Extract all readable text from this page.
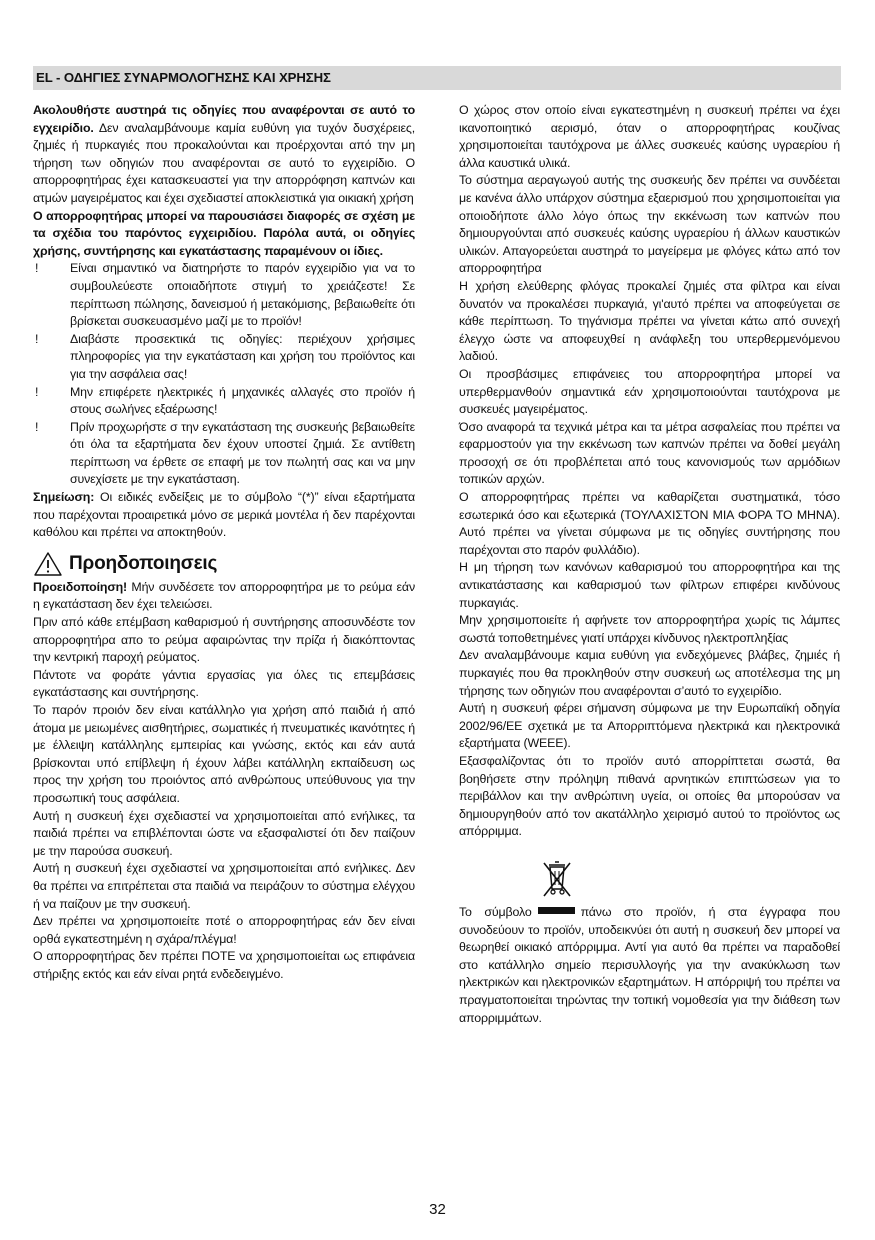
EL - ΟΔΗΓΙΕΣ ΣΥΝΑΡΜΟΛΟΓΗΣΗΣ ΚΑΙ ΧΡΗΣΗΣ

Ακολουθήστε αυστηρά τις οδηγίες που αναφέρονται σε αυτό το εγχειρίδιο. Δεν αναλαμβάνουμε καμία ευθύνη για τυχόν δυσχέρειες, ζημιές ή πυρκαγιές που προκαλούνται και προέρχονται από την μη τήρηση των οδηγιών που αναφέρονται σε αυτό το εγχειρίδιο. Ο απορροφητήρας έχει κατασκευαστεί για την απορρόφηση καπνών και ατμών μαγειρέματος και έχει σχεδιαστεί αποκλειστικά για οικιακή χρήση

Ο απορροφητήρας μπορεί να παρουσιάσει διαφορές σε σχέση με τα σχέδια του παρόντος εγχειριδίου. Παρόλα αυτά, οι οδηγίες χρήσης, συντήρησης και εγκατάστασης παραμένουν οι ίδιες.

!	Είναι σημαντικό να διατηρήστε το παρόν εγχειρίδιο για να το συμβουλεύεστε οποιαδήποτε στιγμή το χρειάζεστε! Σε περίπτωση πώλησης, δανεισμού ή μετακόμισης, βεβαιωθείτε ότι βρίσκεται συσκευασμένο μαζί με το προϊόν!

!	Διαβάστε προσεκτικά τις οδηγίες: περιέχουν χρήσιμες πληροφορίες για την εγκατάσταση και χρήση του προϊόντος και για την ασφάλεια σας!

!	Μην επιφέρετε ηλεκτρικές ή μηχανικές αλλαγές στο προϊόν ή στους σωλήνες εξαέρωσης!

!	Πρίν προχωρήστε σ την εγκατάσταση της συσκευής βεβαιωθείτε ότι όλα τα εξαρτήματα δεν έχουν υποστεί ζημιά. Σε αντίθετη περίπτωση να έρθετε σε επαφή με τον πωλητή σας και να μην συνεχίσετε με την εγκατάσταση.

Σημείωση: Οι ειδικές ενδείξεις με το σύμβολο “(*)” είναι εξαρτήματα που παρέχονται προαιρετικά μόνο σε μερικά μοντέλα ή δεν παρέχονται καθόλου και πρέπει να αποκτηθούν.

Προηδοποιησεις

Προειδοποίηση! Μήν συνδέσετε τον απορροφητήρα με το ρεύμα εάν η εγκατάσταση δεν έχει τελειώσει.

Πριν από κάθε επέμβαση καθαρισμού ή συντήρησης αποσυνδέστε τον απορροφητήρα απο το ρεύμα αφαιρώντας την πρίζα ή διακόπτοντας την κεντρική παροχή ρεύματος.

Πάντοτε να φοράτε γάντια εργασίας για όλες τις επεμβάσεις εγκατάστασης και συντήρησης.

Το παρόν προιόν δεν είναι κατάλληλο για χρήση από παιδιά ή από άτομα με μειωμένες αισθητήριες, σωματικές ή πνευματικές ικανότητες ή με έλλειψη κατάλληλης εμπειρίας και γνώσης, εκτός και εάν αυτά βρίσκονται υπό επίβλεψη ή έχουν λάβει κατάλληλη εκπαίδευση ως προς την χρήση του προιόντος από ανθρώπους υπεύθυνους για την προσωπική τους ασφάλεια.

Αυτή η συσκευή έχει σχεδιαστεί να χρησιμοποιείται από ενήλικες, τα παιδιά πρέπει να επιβλέπονται ώστε να εξασφαλιστεί ότι δεν παίζουν με την παρούσα συσκευή.

Αυτή η συσκευή έχει σχεδιαστεί να χρησιμοποιείται από ενήλικες. Δεν θα πρέπει να επιτρέπεται στα παιδιά να πειράζουν το σύστημα ελέγχου ή να παίζουν με την συσκευή.

Δεν πρέπει να χρησιμοποιείτε ποτέ ο απορροφητήρας εάν δεν είναι ορθά εγκατεστημένη η σχάρα/πλέγμα!

Ο απορροφητήρας δεν πρέπει ΠΟΤΕ να χρησιμοποιείται ως επιφάνεια στήριξης εκτός και εάν είναι ρητά ενδεδειγμένο.

Ο χώρος στον οποίο είναι εγκατεστημένη η συσκευή πρέπει να έχει ικανοποιητικό αερισμό, όταν ο απορροφητήρας κουζίνας χρησιμοποιείται ταυτόχρονα με άλλες συσκευές καύσης υγραερίου ή άλλα καυστικά υλικά.

Το σύστημα αεραγωγού αυτής της συσκευής δεν πρέπει να συνδέεται με κανένα άλλο υπάρχον σύστημα εξαερισμού που χρησιμοποιείται για οποιοδήποτε άλλο λόγο όπως την εκκένωση των καπνών που δημιουργούνται από συσκευές καύσης υγραερίου ή άλλων καυστικών υλικών. Απαγορεύεται αυστηρά το μαγείρεμα με φλόγες κάτω από τον απορροφητήρα

Η χρήση ελεύθερης φλόγας προκαλεί ζημιές στα φίλτρα και είναι δυνατόν να προκαλέσει πυρκαγιά, γι'αυτό πρέπει να αποφεύγεται σε κάθε περίπτωση. Το τηγάνισμα πρέπει να γίνεται κάτω από συνεχή έλεγχο ώστε να αποφευχθεί η ανάφλεξη του υπερθερμενόμενου λαδιού.

Οι προσβάσιμες επιφάνειες του απορροφητήρα μπορεί να υπερθερμανθούν σημαντικά εάν χρησιμοποιούνται ταυτόχρονα με συσκευές μαγειρέματος.

Όσο αναφορά τα τεχνικά μέτρα και τα μέτρα ασφαλείας που πρέπει να εφαρμοστούν για την εκκένωση των καπνών πρέπει να δοθεί μεγάλη προσοχή σε ότι προβλέπεται από τους κανονισμούς των αρμόδιων τοπικών αρχών.

Ο απορροφητήρας πρέπει να καθαρίζεται συστηματικά, τόσο εσωτερικά όσο και εξωτερικά (ΤΟΥΛΑΧΙΣΤΟΝ ΜΙΑ ΦΟΡΑ ΤΟ ΜΗΝΑ). Αυτό πρέπει να γίνεται σύμφωνα με τις οδηγίες συντήρησης που παρέχονται στο παρόν φυλλάδιο).

Η μη τήρηση των κανόνων καθαρισμού του απορροφητήρα και της αντικατάστασης και καθαρισμού των φίλτρων επιφέρει κινδύνους πυρκαγιάς.

Μην χρησιμοποιείτε ή αφήνετε τον απορροφητήρα χωρίς τις λάμπες σωστά τοποθετημένες γιατί υπάρχει κίνδυνος ηλεκτροπληξίας

Δεν αναλαμβάνουμε καμια ευθύνη για ενδεχόμενες βλάβες, ζημιές ή πυρκαγιές που θα προκληθούν στην συσκευή ως αποτέλεσμα της μη τήρησης των οδηγιών που αναφέρονται σ’αυτό το εγχειρίδιο.

Αυτή η συσκευή φέρει σήμανση σύμφωνα με την Ευρωπαϊκή οδηγία 2002/96/EE σχετικά με τα Απορριπτόμενα ηλεκτρικά και ηλεκτρονικά εξαρτήματα (WEEE).

Εξασφαλίζοντας ότι το προϊόν αυτό απορρίπτεται σωστά, θα βοηθήσετε στην πρόληψη πιθανά αρνητικών επιπτώσεων για το περιβάλλον και την ανθρώπινη υγεία, οι οποίες θα μπορούσαν να δημιουργηθούν από τον ακατάλληλο χειρισμό αυτού το προϊόντος ως απόρριμμα.

Το σύμβολο	πάνω στο προϊόν, ή στα έγγραφα που συνοδεύουν το προϊόν, υποδεικνύει ότι αυτή η συσκευή δεν μπορεί να θεωρηθεί οικιακό απόρριμμα. Αντί για αυτό θα πρέπει να παραδοθεί στο κατάλληλο σημείο περισυλλογής για την ανακύκλωση των ηλεκτρικών και ηλεκτρονικών εξαρτημάτων. Η απόρριψή του πρέπει να πραγματοποιείται τηρώντας την τοπική νομοθεσία για την διάθεση των απορριμμάτων.

32
